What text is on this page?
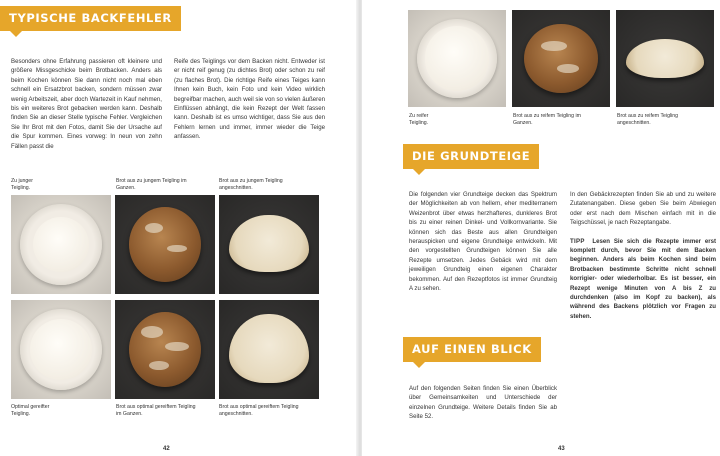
TYPISCHE BACKFEHLER

Besonders ohne Erfahrung passieren oft kleinere und größere Missgeschicke beim Brotbacken. Anders als beim Kochen können Sie dann nicht noch mal eben schnell ein Ersatzbrot backen, sondern müssen zwar wenig Arbeitszeit, aber doch Wartezeit in Kauf nehmen, bis ein weiteres Brot gebacken werden kann. Deshalb finden Sie an dieser Stelle typische Fehler. Vergleichen Sie Ihr Brot mit den Fotos, damit Sie der Ursache auf die Spur kommen. Eines vorweg: In neun von zehn Fällen passt die

Reife des Teiglings vor dem Backen nicht. Entweder ist er nicht reif genug (zu dichtes Brot) oder schon zu reif (zu flaches Brot). Die richtige Reife eines Teiges kann Ihnen kein Buch, kein Foto und kein Video wirklich begreifbar machen, auch weil sie von so vielen äußeren Einflüssen abhängt, die kein Rezept der Welt fassen kann. Deshalb ist es umso wichtiger, dass Sie aus den Fehlern lernen und immer, immer wieder die Teige anfassen.

Zu junger Teigling.
Brot aus zu jungem Teigling im Ganzen.
Brot aus zu jungem Teigling angeschnitten.
Optimal gereifter Teigling.
Brot aus optimal gereiftem Teigling im Ganzen.
Brot aus optimal gereiftem Teigling angeschnitten.
42
Zu reifer Teigling.
Brot aus zu reifem Teigling im Ganzen.
Brot aus zu reifem Teigling angeschnitten.
DIE GRUNDTEIGE

Die folgenden vier Grundteige decken das Spektrum der Möglichkeiten ab von hellem, eher mediterranem Weizenbrot über etwas herzhafteres, dunkleres Brot bis zu einer reinen Dinkel- und Vollkornvariante. Sie können sich das Beste aus allen Grundteigen herauspicken und eigene Grundteige entwickeln. Mit den vorgestellten Grundteigen können Sie alle Rezepte umsetzen. Jedes Gebäck wird mit dem jeweiligen Grundteig einen eigenen Charakter bekommen. Auf den Rezeptfotos ist immer Grundteig A zu sehen.

In den Gebäckrezepten finden Sie ab und zu weitere Zutatenangaben. Diese geben Sie beim Abwiegen oder erst nach dem Mischen einfach mit in die Teigschüssel, je nach Rezeptangabe.

TIPP Lesen Sie sich die Rezepte immer erst komplett durch, bevor Sie mit dem Backen beginnen. Anders als beim Kochen sind beim Brotbacken bestimmte Schritte nicht schnell korrigier- oder wiederholbar. Es ist besser, ein Rezept wenige Minuten von A bis Z zu durchdenken (also im Kopf zu backen), als während des Backens plötzlich vor Fragen zu stehen.

AUF EINEN BLICK

Auf den folgenden Seiten finden Sie einen Überblick über Gemeinsamkeiten und Unterschiede der einzelnen Grundteige. Weitere Details finden Sie ab Seite 52.

43
